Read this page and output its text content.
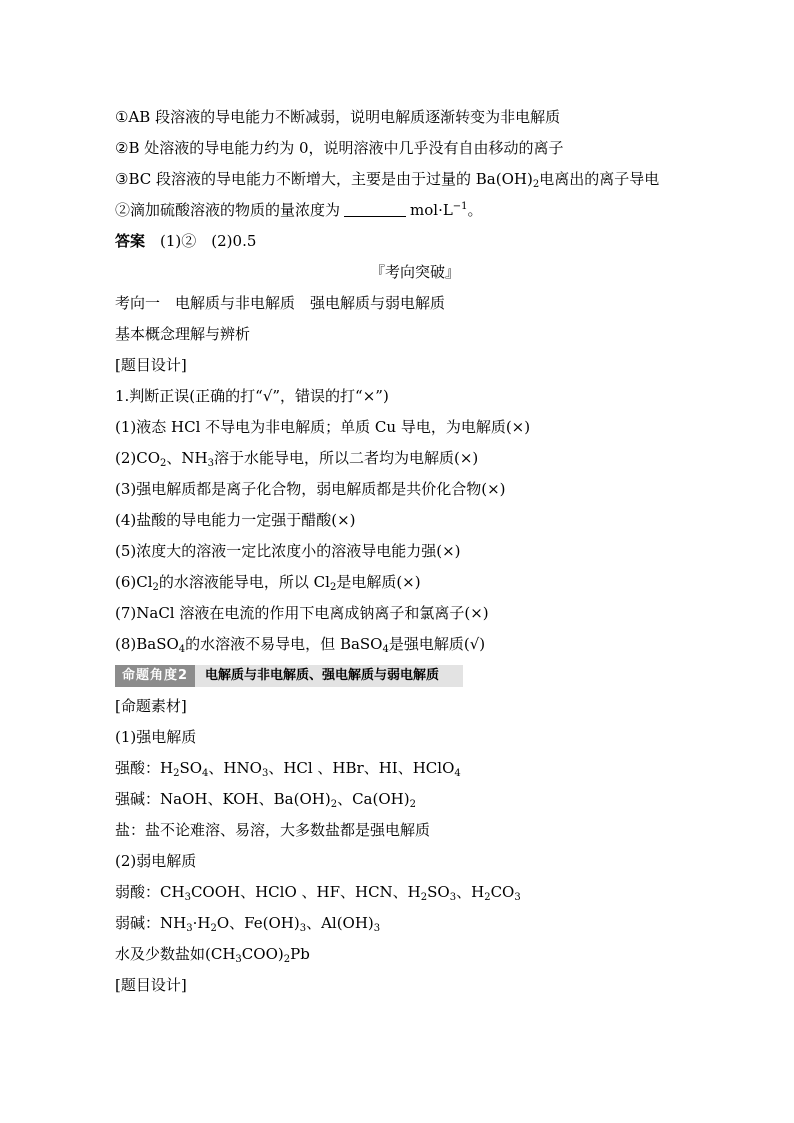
①AB 段溶液的导电能力不断减弱，说明电解质逐渐转变为非电解质
②B 处溶液的导电能力约为 0，说明溶液中几乎没有自由移动的离子
③BC 段溶液的导电能力不断增大，主要是由于过量的 $Ba(OH)_2$电离出的离子导电
②滴加硫酸溶液的物质的量浓度为	$mol\cdot L^{-1}$。
答案　 (1)②　(2)0.5
『考向突破』
考向一　电解质与非电解质　强电解质与弱电解质
基本概念理解与辨析
[题目设计]
1.判断正误(正确的打“√”，错误的打“×”)
(1)液态 HCl 不导电为非电解质；单质 Cu 导电，为电解质(×)
$(2)CO_2$、$NH_3$溶于水能导电，所以二者均为电解质(×)
(3)强电解质都是离子化合物，弱电解质都是共价化合物(×)
(4)盐酸的导电能力一定强于醋酸(×)
(5)浓度大的溶液一定比浓度小的溶液导电能力强(×)
$(6)Cl_2$的水溶液能导电，所以 $Cl_2$是电解质(×)
(7)NaCl 溶液在电流的作用下电离成钠离子和氯离子(×)
(8)BaSO$_4$的水溶液不易导电，但 BaSO$_4$是强电解质(√)
命题角度2	电解质与非电解质、强电解质与弱电解质
[命题素材]
(1)强电解质
强酸：$H_2SO_4$、$HNO_3$、HCl 、HBr、HI、HClO$_4$
强碱：NaOH、KOH、$Ba(OH)_2$、$Ca(OH)_2$
盐：盐不论难溶、易溶，大多数盐都是强电解质
(2)弱电解质
弱酸：$CH_3COOH$、HClO 、HF、HCN、$H_2SO_3$、$H_2CO_3$
弱碱：$NH_3\cdot H_2O$、$Fe(OH)_3$、$Al(OH)_3$
水及少数盐如$(CH_3COO)_2Pb$
[题目设计]
